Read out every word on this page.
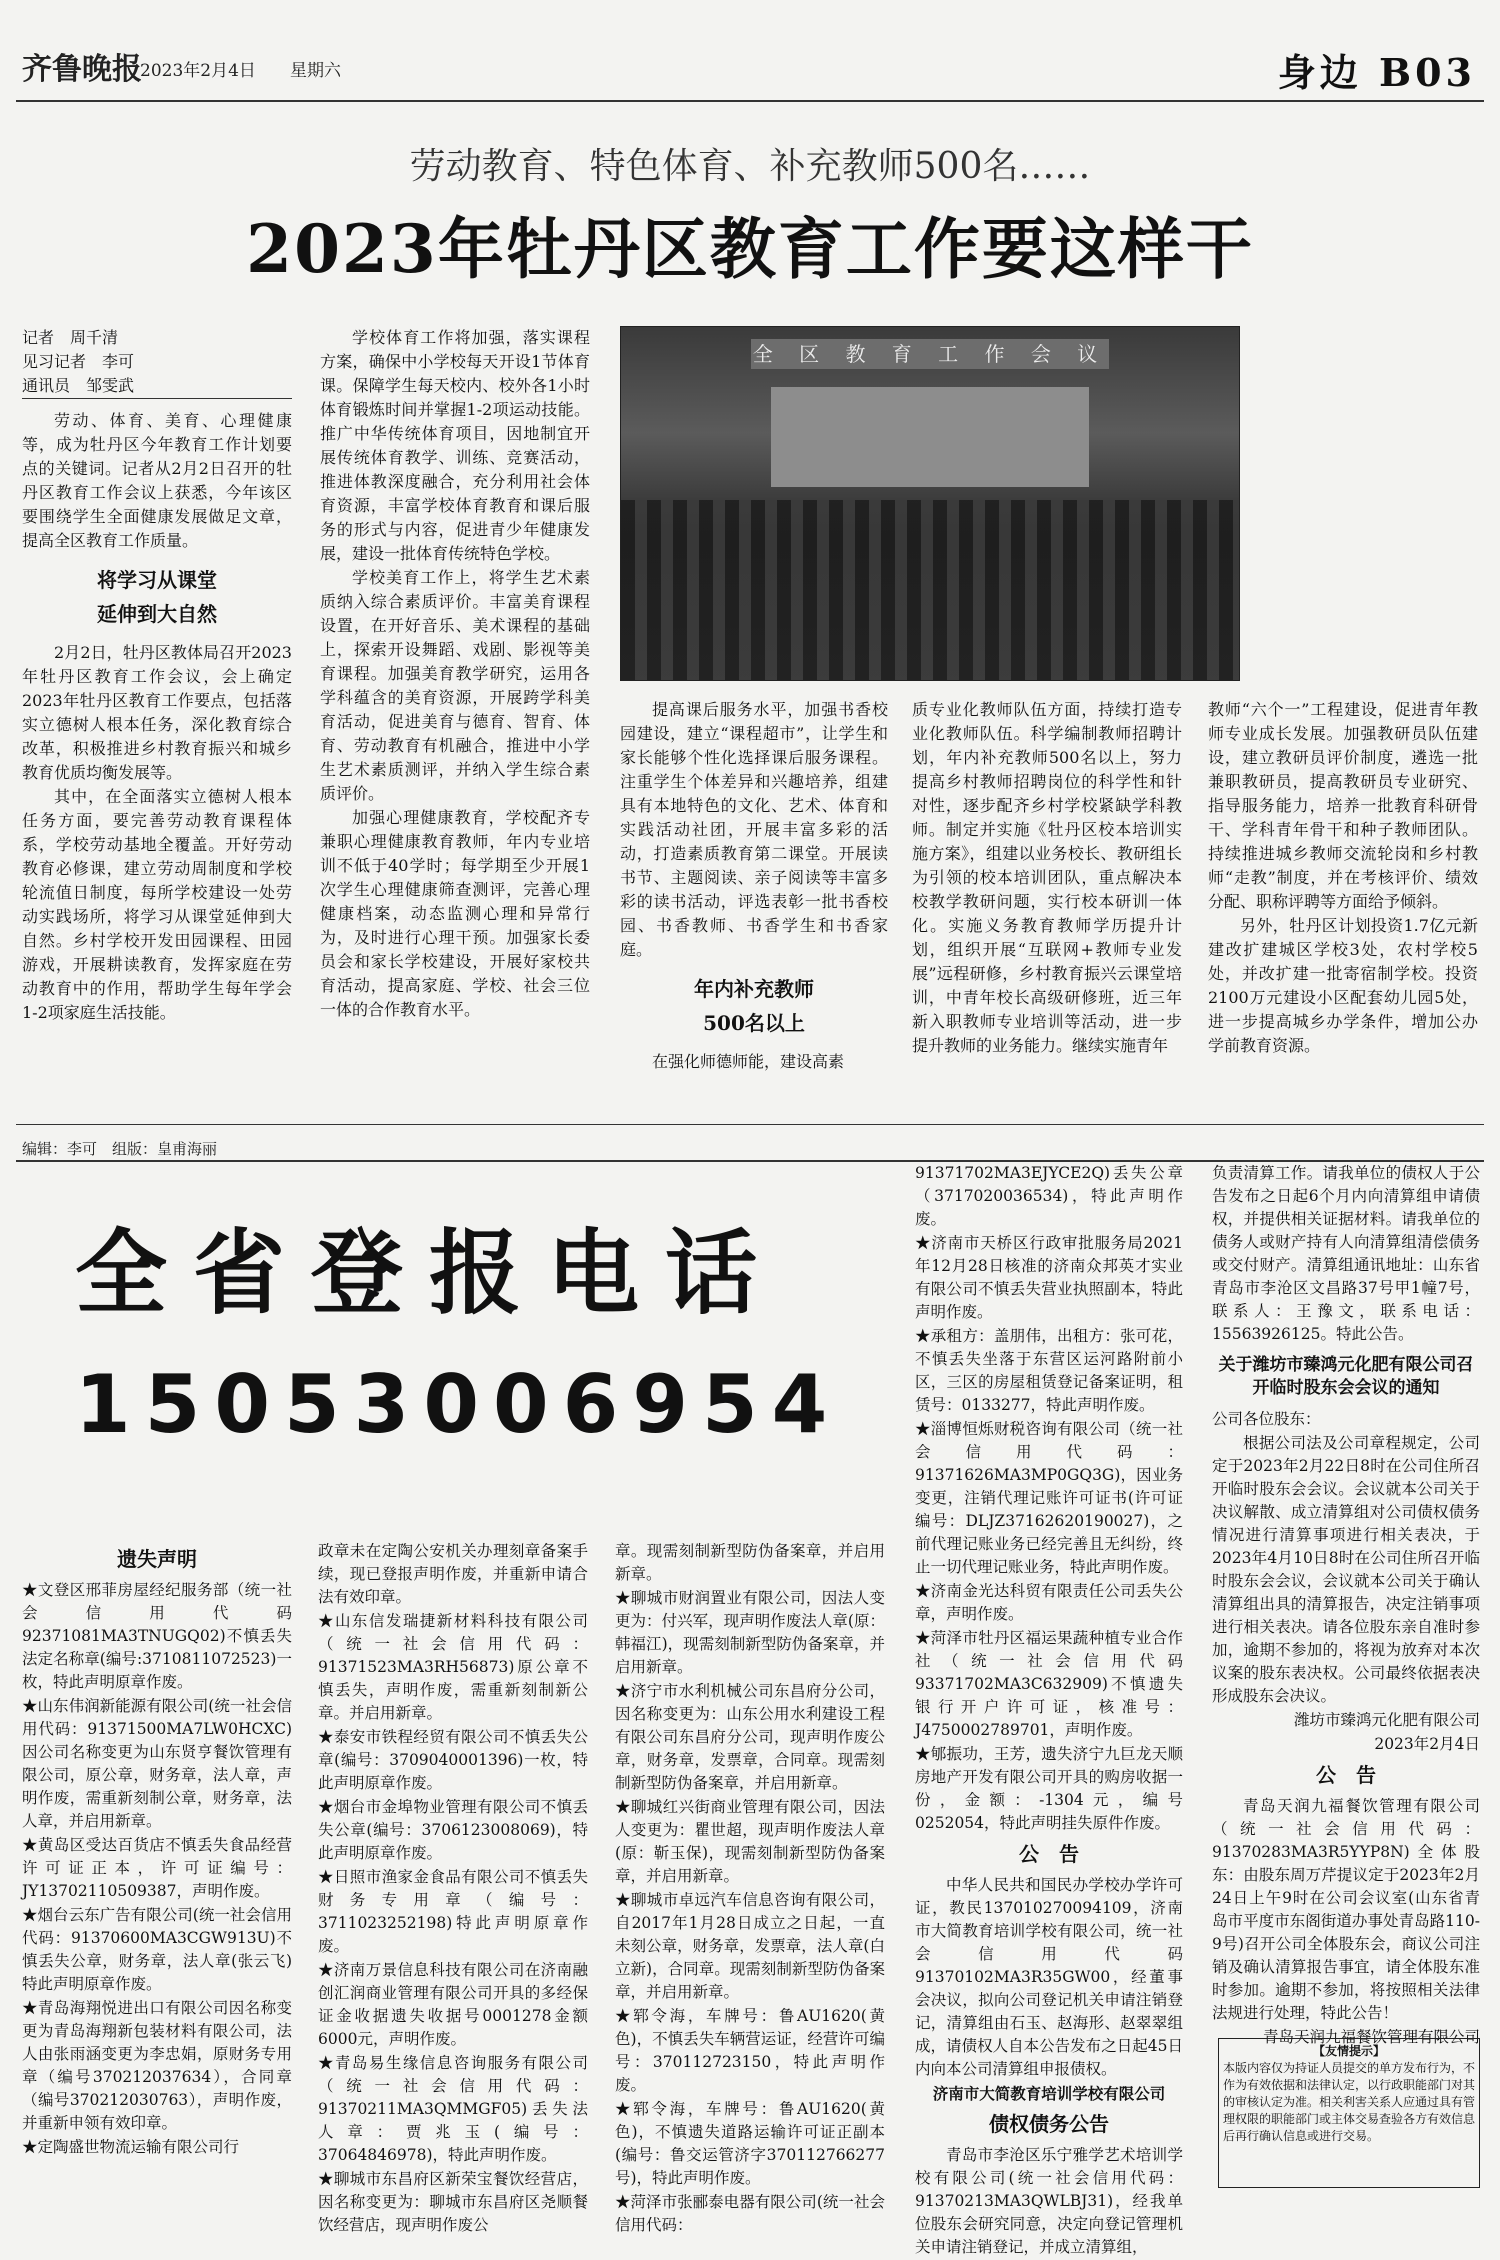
齐鲁晚报
2023年2月4日 星期六	身边 B03
劳动教育、特色体育、补充教师500名……
2023年牡丹区教育工作要这样干
记者　周千清
见习记者　李可
通讯员　邹雯武

劳动、体育、美育、心理健康等，成为牡丹区今年教育工作计划要点的关键词。记者从2月2日召开的牡丹区教育工作会议上获悉，今年该区要围绕学生全面健康发展做足文章，提高全区教育工作质量。

将学习从课堂
延伸到大自然

2月2日，牡丹区教体局召开2023年牡丹区教育工作会议，会上确定2023年牡丹区教育工作要点，包括落实立德树人根本任务，深化教育综合改革，积极推进乡村教育振兴和城乡教育优质均衡发展等。

其中，在全面落实立德树人根本任务方面，要完善劳动教育课程体系，学校劳动基地全覆盖。开好劳动教育必修课，建立劳动周制度和学校轮流值日制度，每所学校建设一处劳动实践场所，将学习从课堂延伸到大自然。乡村学校开发田园课程、田园游戏，开展耕读教育，发挥家庭在劳动教育中的作用，帮助学生每年学会1-2项家庭生活技能。

学校体育工作将加强，落实课程方案，确保中小学校每天开设1节体育课。保障学生每天校内、校外各1小时体育锻炼时间并掌握1-2项运动技能。推广中华传统体育项目，因地制宜开展传统体育教学、训练、竞赛活动，推进体教深度融合，充分利用社会体育资源，丰富学校体育教育和课后服务的形式与内容，促进青少年健康发展，建设一批体育传统特色学校。

学校美育工作上，将学生艺术素质纳入综合素质评价。丰富美育课程设置，在开好音乐、美术课程的基础上，探索开设舞蹈、戏剧、影视等美育课程。加强美育教学研究，运用各学科蕴含的美育资源，开展跨学科美育活动，促进美育与德育、智育、体育、劳动教育有机融合，推进中小学生艺术素质测评，并纳入学生综合素质评价。

加强心理健康教育，学校配齐专兼职心理健康教育教师，年内专业培训不低于40学时；每学期至少开展1次学生心理健康筛查测评，完善心理健康档案，动态监测心理和异常行为，及时进行心理干预。加强家长委员会和家长学校建设，开展好家校共育活动，提高家庭、学校、社会三位一体的合作教育水平。

全 区 教 育 工 作 会 议

提高课后服务水平，加强书香校园建设，建立“课程超市”，让学生和家长能够个性化选择课后服务课程。注重学生个体差异和兴趣培养，组建具有本地特色的文化、艺术、体育和实践活动社团，开展丰富多彩的活动，打造素质教育第二课堂。开展读书节、主题阅读、亲子阅读等丰富多彩的读书活动，评选表彰一批书香校园、书香教师、书香学生和书香家庭。

年内补充教师
500名以上

在强化师德师能，建设高素

质专业化教师队伍方面，持续打造专业化教师队伍。科学编制教师招聘计划，年内补充教师500名以上，努力提高乡村教师招聘岗位的科学性和针对性，逐步配齐乡村学校紧缺学科教师。制定并实施《牡丹区校本培训实施方案》，组建以业务校长、教研组长为引领的校本培训团队，重点解决本校教学教研问题，实行校本研训一体化。实施义务教育教师学历提升计划，组织开展“互联网+教师专业发展”远程研修，乡村教育振兴云课堂培训，中青年校长高级研修班，近三年新入职教师专业培训等活动，进一步提升教师的业务能力。继续实施青年

教师“六个一”工程建设，促进青年教师专业成长发展。加强教研员队伍建设，建立教研员评价制度，遴选一批兼职教研员，提高教研员专业研究、指导服务能力，培养一批教育科研骨干、学科青年骨干和种子教师团队。持续推进城乡教师交流轮岗和乡村教师“走教”制度，并在考核评价、绩效分配、职称评聘等方面给予倾斜。

另外，牡丹区计划投资1.7亿元新建改扩建城区学校3处，农村学校5处，并改扩建一批寄宿制学校。投资2100万元建设小区配套幼儿园5处，进一步提高城乡办学条件，增加公办学前教育资源。

编辑：李可　组版：皇甫海丽
全省登报电话
15053006954

91371702MA3EJYCE2Q)丢失公章（3717020036534)，特此声明作废。

★济南市天桥区行政审批服务局2021年12月28日核准的济南众邦英才实业有限公司不慎丢失营业执照副本，特此声明作废。

★承租方：盖朋伟，出租方：张可花，不慎丢失坐落于东营区运河路附前小区，三区的房屋租赁登记备案证明，租赁号：0133277，特此声明作废。

★淄博恒烁财税咨询有限公司（统一社会信用代码：91371626MA3MP0GQ3G)，因业务变更，注销代理记账许可证书(许可证编号：DLJZ37162620190027)，之前代理记账业务已经完善且无纠纷，终止一切代理记账业务，特此声明作废。

★济南金光达科贸有限责任公司丢失公章，声明作废。

★菏泽市牡丹区福运果蔬种植专业合作社（统一社会信用代码93371702MA3C632909)不慎遗失银行开户许可证，核准号：J4750002789701，声明作废。

★郇振功，王芳，遗失济宁九巨龙天顺房地产开发有限公司开具的购房收据一份，金额：-1304元，编号0252054，特此声明挂失原件作废。

公　告

中华人民共和国民办学校办学许可证，教民137010270094109，济南市大简教育培训学校有限公司，统一社会信用代码91370102MA3R35GW00，经董事会决议，拟向公司登记机关申请注销登记，清算组由石玉、赵海形、赵翠翠组成，请债权人自本公告发布之日起45日内向本公司清算组申报债权。

济南市大简教育培训学校有限公司

债权债务公告

青岛市李沧区乐宁雅学艺术培训学校有限公司(统一社会信用代码：91370213MA3QWLBJ31)，经我单位股东会研究同意，决定向登记管理机关申请注销登记，并成立清算组，

负责清算工作。请我单位的债权人于公告发布之日起6个月内向清算组申请债权，并提供相关证据材料。请我单位的债务人或财产持有人向清算组清偿债务或交付财产。清算组通讯地址：山东省青岛市李沧区文昌路37号甲1幢7号，联系人：王豫文，联系电话：15563926125。特此公告。

关于潍坊市臻鸿元化肥有限公司召开临时股东会会议的通知

公司各位股东：

根据公司法及公司章程规定，公司定于2023年2月22日8时在公司住所召开临时股东会会议。会议就本公司关于决议解散、成立清算组对公司债权债务情况进行清算事项进行相关表决，于2023年4月10日8时在公司住所召开临时股东会会议，会议就本公司关于确认清算组出具的清算报告，决定注销事项进行相关表决。请各位股东亲自准时参加，逾期不参加的，将视为放弃对本次议案的股东表决权。公司最终依据表决形成股东会决议。

潍坊市臻鸿元化肥有限公司

2023年2月4日

公　告

青岛天润九福餐饮管理有限公司（统一社会信用代码：91370283MA3R5YYP8N)全体股东：由股东周万芹提议定于2023年2月24日上午9时在公司会议室(山东省青岛市平度市东阁街道办事处青岛路110-9号)召开公司全体股东会，商议公司注销及确认清算报告事宜，请全体股东准时参加。逾期不参加，将按照相关法律法规进行处理，特此公告！

青岛天润九福餐饮管理有限公司

遗失声明

★文登区邢菲房屋经纪服务部（统一社会信用代码92371081MA3TNUGQ02)不慎丢失法定名称章(编号:3710811072523)一枚，特此声明原章作废。

★山东伟润新能源有限公司(统一社会信用代码：91371500MA7LW0HCXC)因公司名称变更为山东贤亨餐饮管理有限公司，原公章，财务章，法人章，声明作废，需重新刻制公章，财务章，法人章，并启用新章。

★黄岛区受达百货店不慎丢失食品经营许可证正本，许可证编号：JY13702110509387，声明作废。

★烟台云东广告有限公司(统一社会信用代码：91370600MA3CGW913U)不慎丢失公章，财务章，法人章(张云飞)特此声明原章作废。

★青岛海翔悦进出口有限公司因名称变更为青岛海翔新包装材料有限公司，法人由张雨涵变更为李忠娟，原财务专用章（编号370212037634），合同章（编号370212030763），声明作废，并重新申领有效印章。

★定陶盛世物流运输有限公司行

政章未在定陶公安机关办理刻章备案手续，现已登报声明作废，并重新申请合法有效印章。

★山东信发瑞捷新材料科技有限公司（统一社会信用代码：91371523MA3RH56873)原公章不慎丢失，声明作废，需重新刻制新公章。并启用新章。

★泰安市铁程经贸有限公司不慎丢失公章(编号：3709040001396)一枚，特此声明原章作废。

★烟台市金埠物业管理有限公司不慎丢失公章(编号：3706123008069)，特此声明原章作废。

★日照市渔家金食品有限公司不慎丢失财务专用章（编号：3711023252198)特此声明原章作废。

★济南万景信息科技有限公司在济南融创汇润商业管理有限公司开具的多经保证金收据遗失收据号0001278金额6000元，声明作废。

★青岛易生缘信息咨询服务有限公司（统一社会信用代码：91370211MA3QMMGF05)丢失法人章：贾兆玉(编号：37064846978)，特此声明作废。

★聊城市东昌府区新荣宝餐饮经营店，因名称变更为：聊城市东昌府区尧顺餐饮经营店，现声明作废公

章。现需刻制新型防伪备案章，并启用新章。

★聊城市财润置业有限公司，因法人变更为：付兴军，现声明作废法人章(原：韩福江)，现需刻制新型防伪备案章，并启用新章。

★济宁市水利机械公司东昌府分公司，因名称变更为：山东公用水利建设工程有限公司东昌府分公司，现声明作废公章，财务章，发票章，合同章。现需刻制新型防伪备案章，并启用新章。

★聊城红兴街商业管理有限公司，因法人变更为：瞿世超，现声明作废法人章(原：靳玉保)，现需刻制新型防伪备案章，并启用新章。

★聊城市卓远汽车信息咨询有限公司，自2017年1月28日成立之日起，一直未刻公章，财务章，发票章，法人章(白立新)，合同章。现需刻制新型防伪备案章，并启用新章。

★郓令海，车牌号：鲁AU1620(黄色)，不慎丢失车辆营运证，经营许可编号：370112723150，特此声明作废。

★郓令海，车牌号：鲁AU1620(黄色)，不慎遗失道路运输许可证正副本(编号：鲁交运管济字370112766277号)，特此声明作废。

★菏泽市张郦泰电器有限公司(统一社会信用代码：

【友情提示】
本版内容仅为持证人员提交的单方发布行为，不作为有效依据和法律认定，以行政职能部门对其的审核认定为准。相关利害关系人应通过具有管理权限的职能部门或主体交易查验各方有效信息后再行确认信息或进行交易。
